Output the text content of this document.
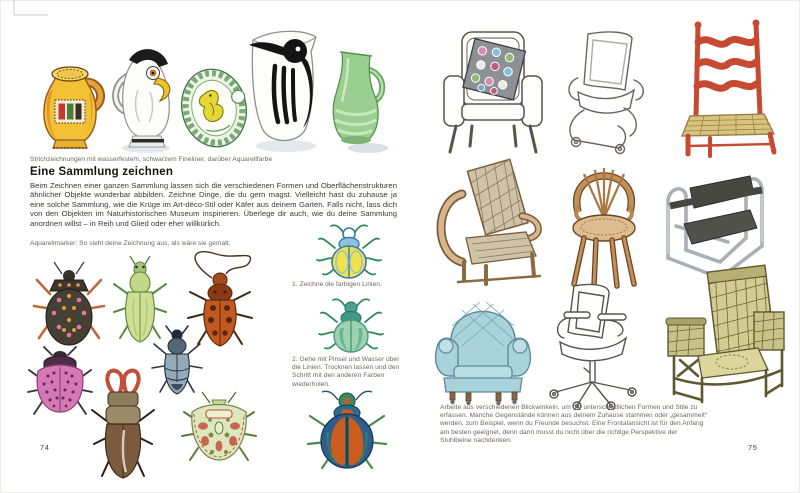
Strichzeichnungen mit wasserfestem, schwarzem Fineliner, darüber Aquarellfarbe
Eine Sammlung zeichnen
Beim Zeichnen einer ganzen Sammlung lassen sich die verschiedenen Formen und Oberflächenstrukturen ähnlicher Objekte wunderbar abbilden. Zeichne Dinge, die du gern magst. Vielleicht hast du zuhause ja eine solche Sammlung, wie die Krüge im Art-déco-Stil oder Käfer aus deinem Garten. Falls nicht, lass dich von den Objekten im Naturhistorischen Museum inspirieren. Überlege dir auch, wie du deine Sammlung anordnen willst – in Reih und Glied oder eher willkürlich.
Aquarellmarker: So sieht deine Zeichnung aus, als wäre sie gemalt.
1. Zeichne die farbigen Linien.
2. Gehe mit Pinsel und Wasser über die Linien. Trocknen lassen und den Schritt mit den anderen Farben wiederholen.
74
Arbeite aus verschiedenen Blickwinkeln, um die unterschiedlichen Formen und Stile zu erfassen. Manche Gegenstände können aus deinem Zuhause stammen oder „gesammelt“ werden, zum Beispiel, wenn du Freunde besuchst. Eine Frontalansicht ist für den Anfang am besten geeignet, denn dann musst du nicht über die richtige Perspektive der Stuhlbeine nachdenken.
75
